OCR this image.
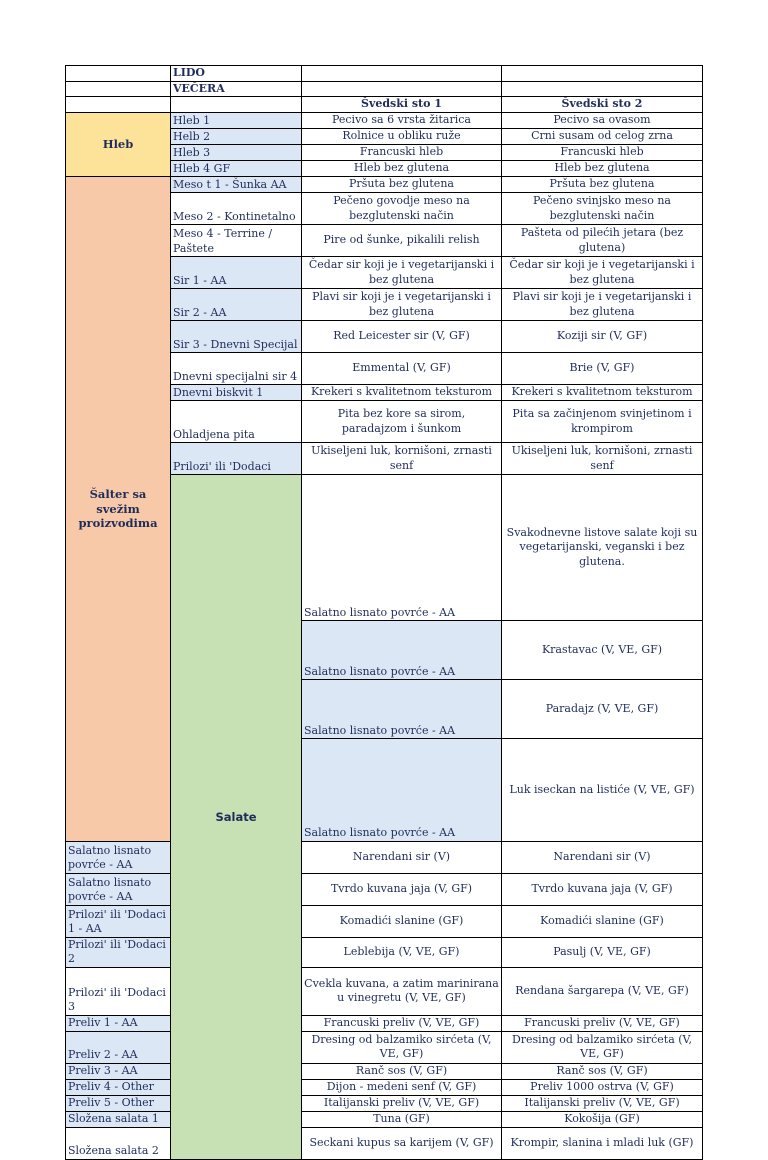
	LIDO			
	VEČERA			
		Švedski sto 1	Švedski sto 2	
Hleb	Hleb 1	Pecivo sa 6 vrsta žitarica	Pecivo sa ovasom	
	Helb 2	Rolnice u obliku ruže	Crni susam od celog zrna	
	Hleb 3	Francuski hleb	Francuski hleb	
	Hleb 4 GF	Hleb bez glutena	Hleb bez glutena	
Šalter sa svežim proizvodima	Meso t 1 - Šunka AA	Pršuta bez glutena	Pršuta bez glutena	
	Meso 2 - Kontinetalno	Pečeno govodje meso na bezglutenski način	Pečeno svinjsko meso na bezglutenski način	
	Meso 4 - Terrine / Paštete	Pire od šunke, pikalili relish	Pašteta od pilećih jetara (bez glutena)	
	Sir 1 - AA	Čedar sir koji je i vegetarijanski i bez glutena	Čedar sir koji je i vegetarijanski i bez glutena	
	Sir 2 - AA	Plavi sir koji je i vegetarijanski i bez glutena	Plavi sir koji je i vegetarijanski i bez glutena	
	Sir 3 - Dnevni Specijal	Red Leicester sir (V, GF)	Koziji sir (V, GF)	
	Dnevni specijalni sir 4	Emmental (V, GF)	Brie (V, GF)	
	Dnevni biskvit 1	Krekeri s kvalitetnom teksturom	Krekeri s kvalitetnom teksturom	
	Ohladjena pita	Pita bez kore sa sirom, paradajzom i šunkom	Pita sa začinjenom svinjetinom i krompirom	
	Prilozi' ili 'Dodaci	Ukiseljeni luk, kornišoni, zrnasti senf	Ukiseljeni luk, kornišoni, zrnasti senf	
	Salate	Salatno lisnato povrće - AA	Svakodnevne listove salate koji su vegetarijanski, veganski i bez glutena.	
		Salatno lisnato povrće - AA	Krastavac (V, VE, GF)	
		Salatno lisnato povrće - AA	Paradajz (V, VE, GF)	
		Salatno lisnato povrće - AA	Luk iseckan na listiće (V, VE, GF)	
Salatno lisnato povrće - AA		Narendani sir (V)	Narendani sir (V)	
Salatno lisnato povrće - AA		Tvrdo kuvana jaja (V, GF)	Tvrdo kuvana jaja (V, GF)	
Prilozi' ili 'Dodaci 1 - AA		Komadići slanine (GF)	Komadići slanine (GF)	
Prilozi' ili 'Dodaci 2		Leblebija (V, VE, GF)	Pasulj (V, VE, GF)	
Prilozi' ili 'Dodaci 3		Cvekla kuvana, a zatim marinirana u vinegretu (V, VE, GF)	Rendana šargarepa (V, VE, GF)	
Preliv 1 - AA		Francuski preliv (V, VE, GF)	Francuski preliv (V, VE, GF)	
Preliv 2 - AA		Dresing od balzamiko sirćeta (V, VE, GF)	Dresing od balzamiko sirćeta (V, VE, GF)	
Preliv 3 - AA		Ranč sos (V, GF)	Ranč sos (V, GF)	
Preliv 4 - Other		Dijon - medeni senf (V, GF)	Preliv 1000 ostrva (V, GF)	
Preliv 5 - Other		Italijanski preliv (V, VE, GF)	Italijanski preliv (V, VE, GF)	
Složena salata 1		Tuna (GF)	Kokošija (GF)	
Složena salata 2		Seckani kupus sa karijem (V, GF)	Krompir, slanina i mladi luk (GF)	
